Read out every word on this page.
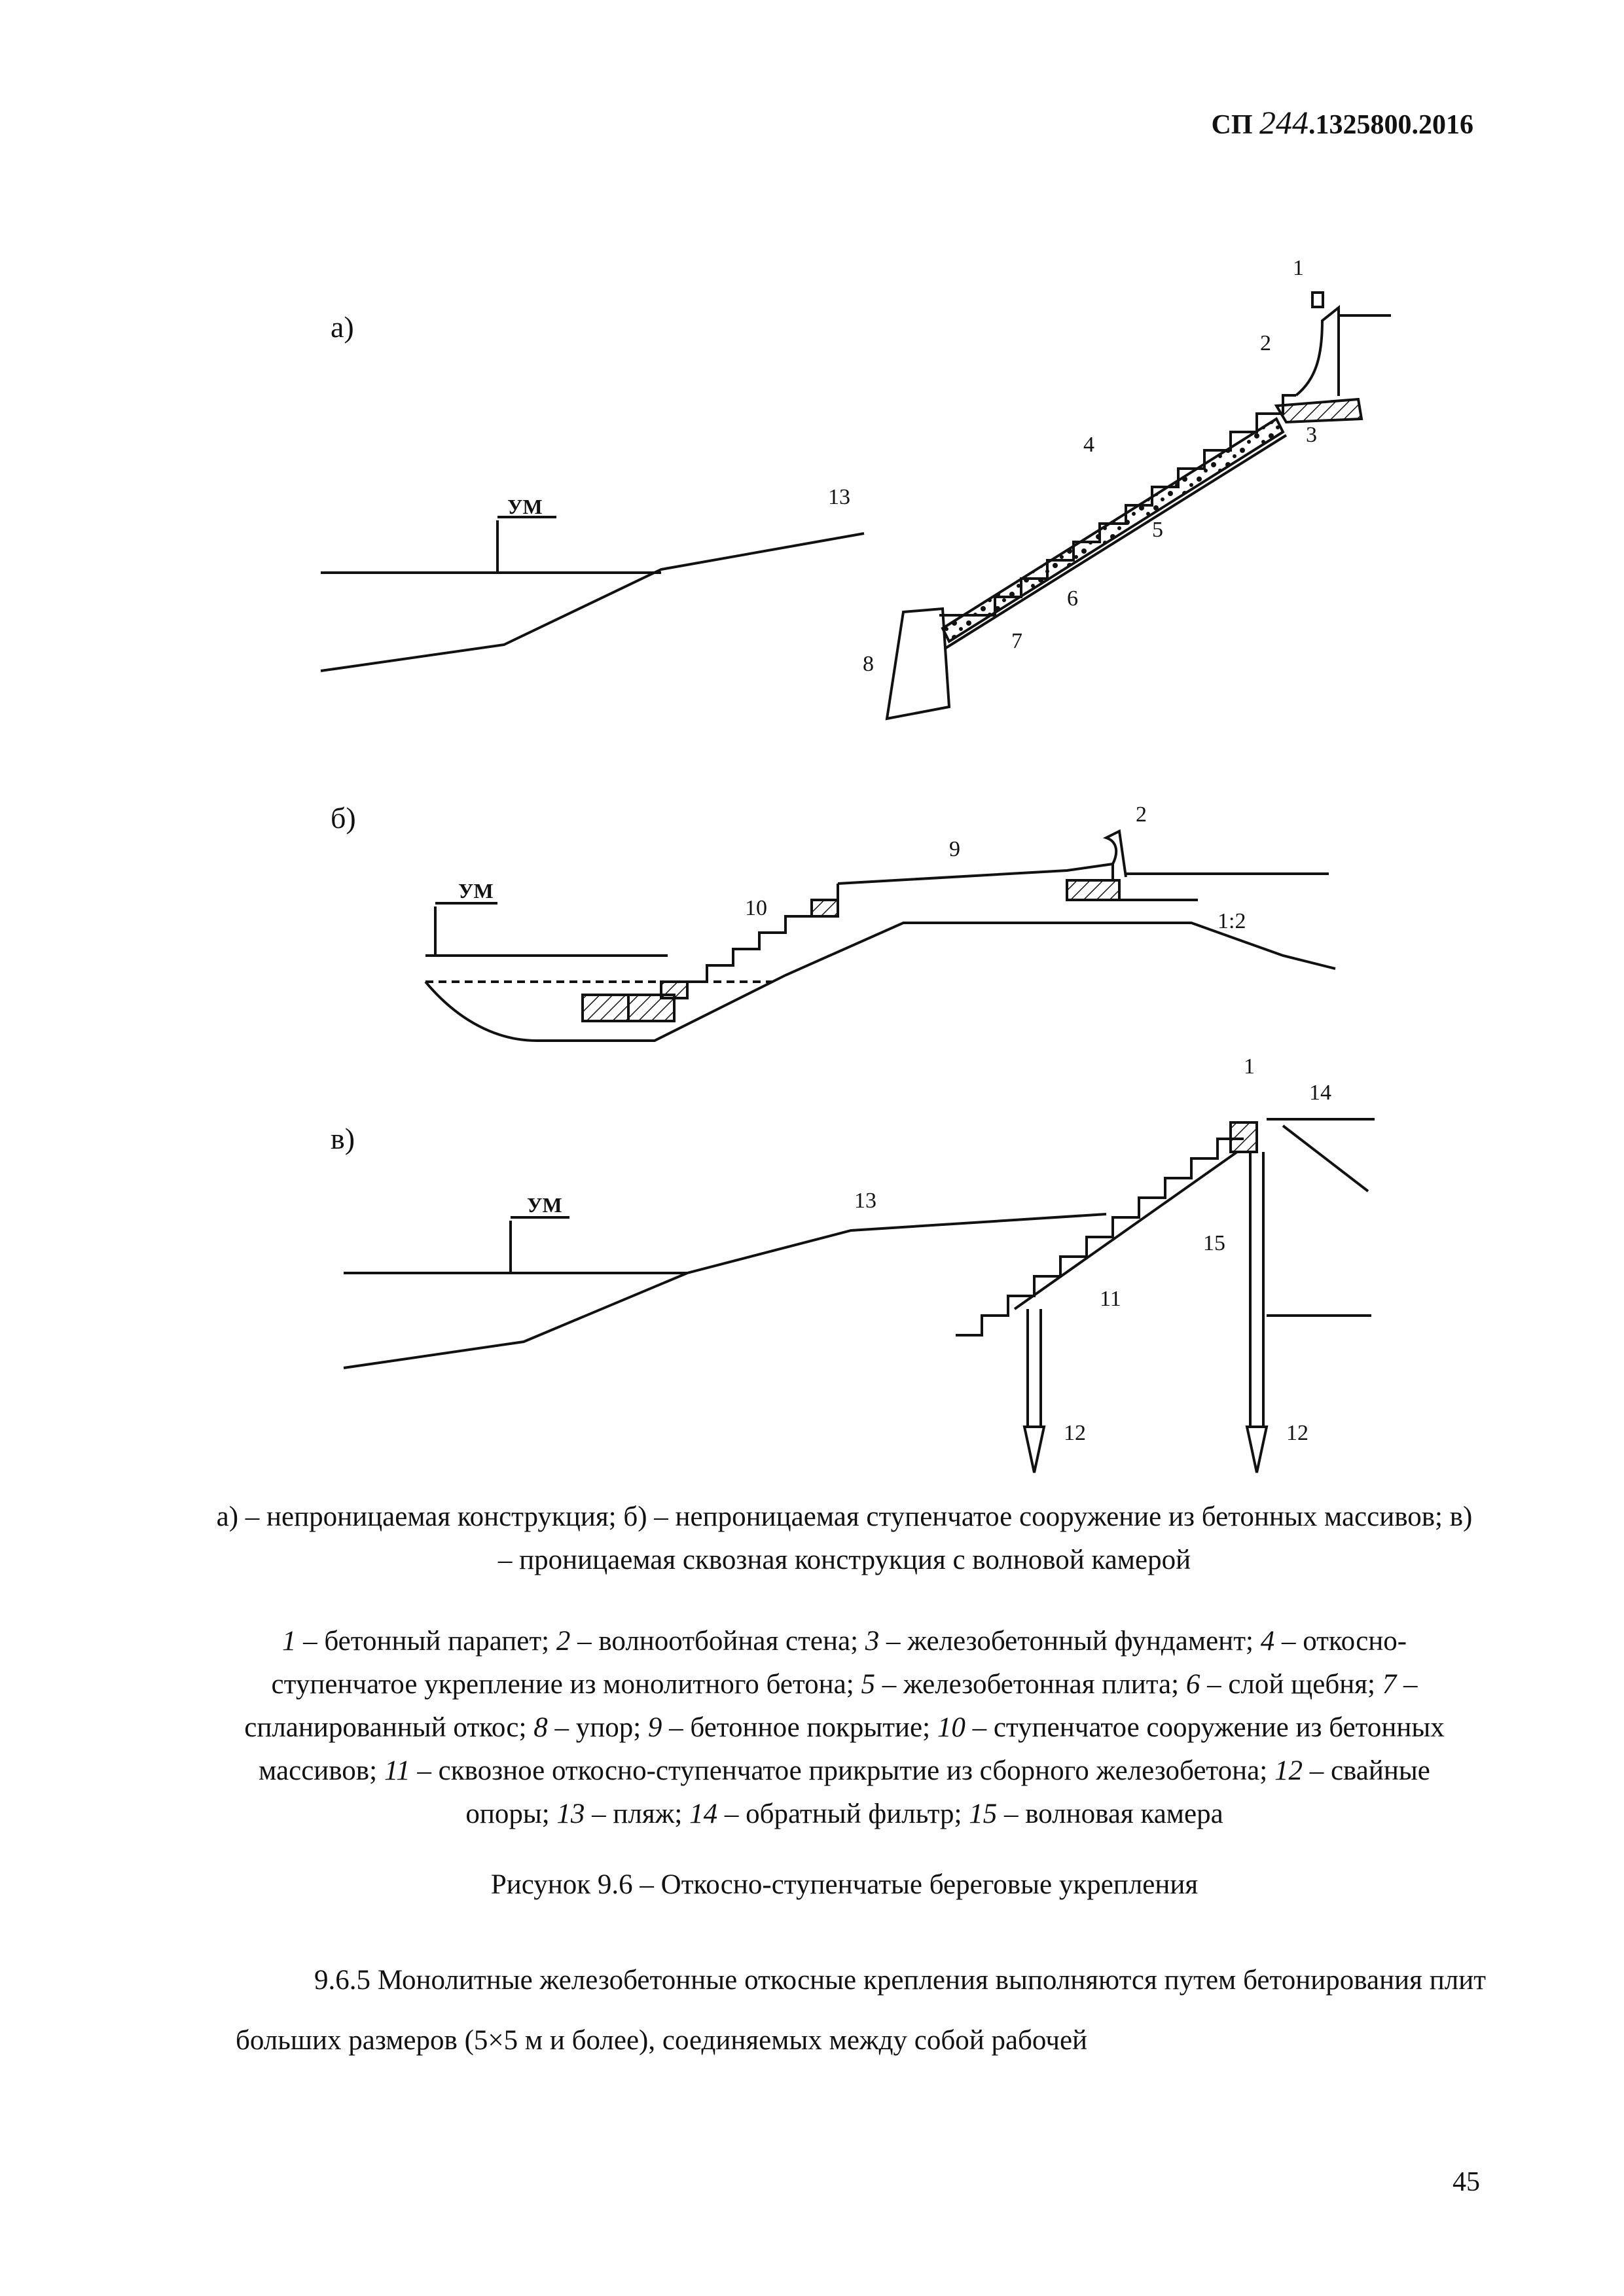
СП 244.1325800.2016
а)
УМ
1
2
3
4
5
6
7
8
13
б)
УМ
2
9
10
1:2
в)
УМ
1
14
15
11
12	12
13
а) – непроницаемая конструкция; б) – непроницаемая ступенчатое сооружение из бетонных массивов; в) – проницаемая сквозная конструкция с волновой камерой
1 – бетонный парапет; 2 – волноотбойная стена; 3 – железобетонный фундамент; 4 – откосно-ступенчатое укрепление из монолитного бетона; 5 – железобетонная плита; 6 – слой щебня; 7 – спланированный откос; 8 – упор; 9 – бетонное покрытие; 10 – ступенчатое сооружение из бетонных массивов; 11 – сквозное откосно-ступенчатое прикрытие из сборного железобетона; 12 – свайные опоры; 13 – пляж; 14 – обратный фильтр; 15 – волновая камера
Рисунок 9.6 – Откосно-ступенчатые береговые укрепления
9.6.5 Монолитные железобетонные откосные крепления выполняются путем бетонирования плит больших размеров (5×5 м и более), соединяемых между собой рабочей
45
